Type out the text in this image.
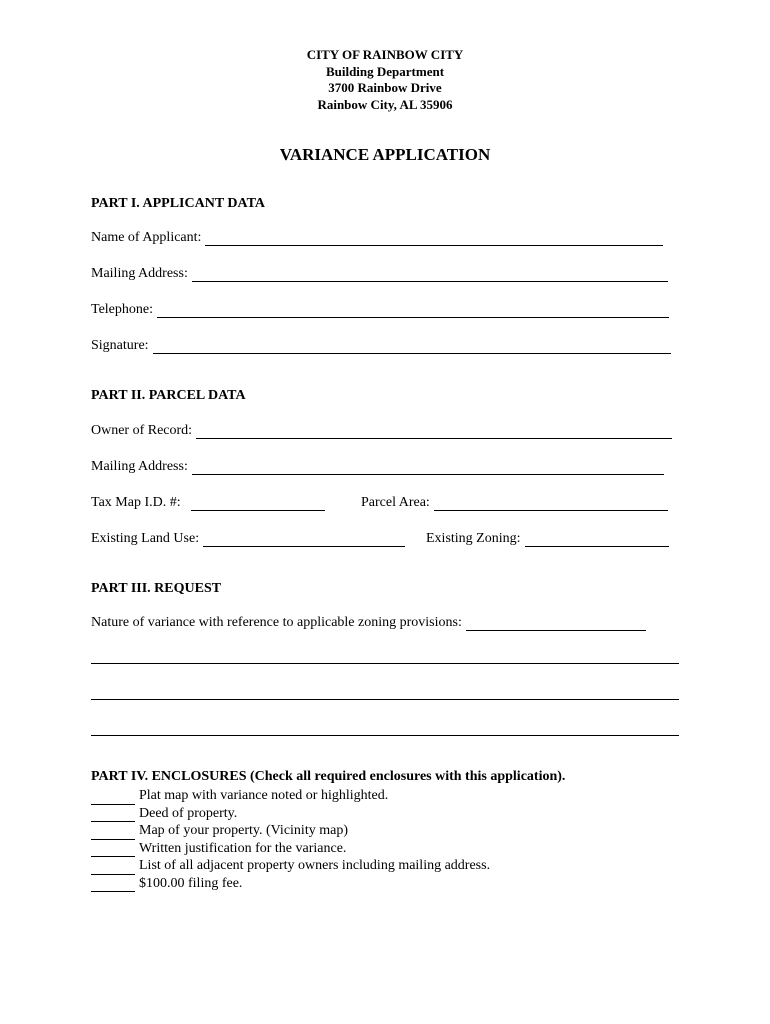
CITY OF RAINBOW CITY
Building Department
3700 Rainbow Drive
Rainbow City, AL 35906
VARIANCE APPLICATION
PART I. APPLICANT DATA
Name of Applicant:
Mailing Address:
Telephone:
Signature:
PART II. PARCEL DATA
Owner of Record:
Mailing Address:
Tax Map I.D. #:	Parcel Area:
Existing Land Use:	Existing Zoning:
PART III. REQUEST
Nature of variance with reference to applicable zoning provisions:
PART IV. ENCLOSURES (Check all required enclosures with this application).
Plat map with variance noted or highlighted.
Deed of property.
Map of your property. (Vicinity map)
Written justification for the variance.
List of all adjacent property owners including mailing address.
$100.00 filing fee.
